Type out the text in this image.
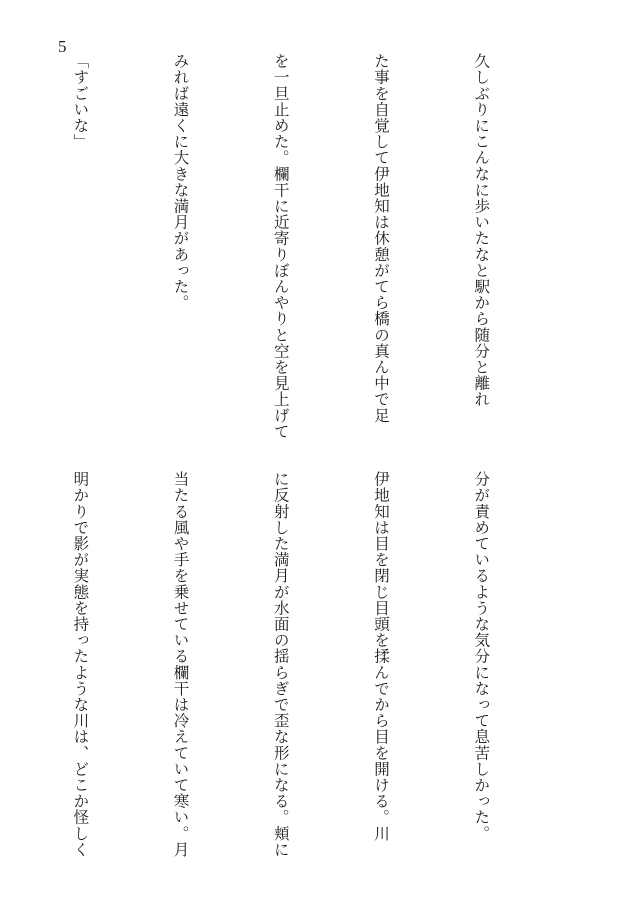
5

久しぶりにこんなに歩いたなと駅から随分と離れ

た事を自覚して伊地知は休憩がてら橋の真ん中で足

を一旦止めた。欄干に近寄りぼんやりと空を見上げて

みれば遠くに大きな満月があった。

「すごいな」

分が責めているような気分になって息苦しかった。

伊地知は目を閉じ目頭を揉んでから目を開ける。川

に反射した満月が水面の揺らぎで歪な形になる。頬に

当たる風や手を乗せている欄干は冷えていて寒い。月

明かりで影が実態を持ったような川は、どこか怪しく
